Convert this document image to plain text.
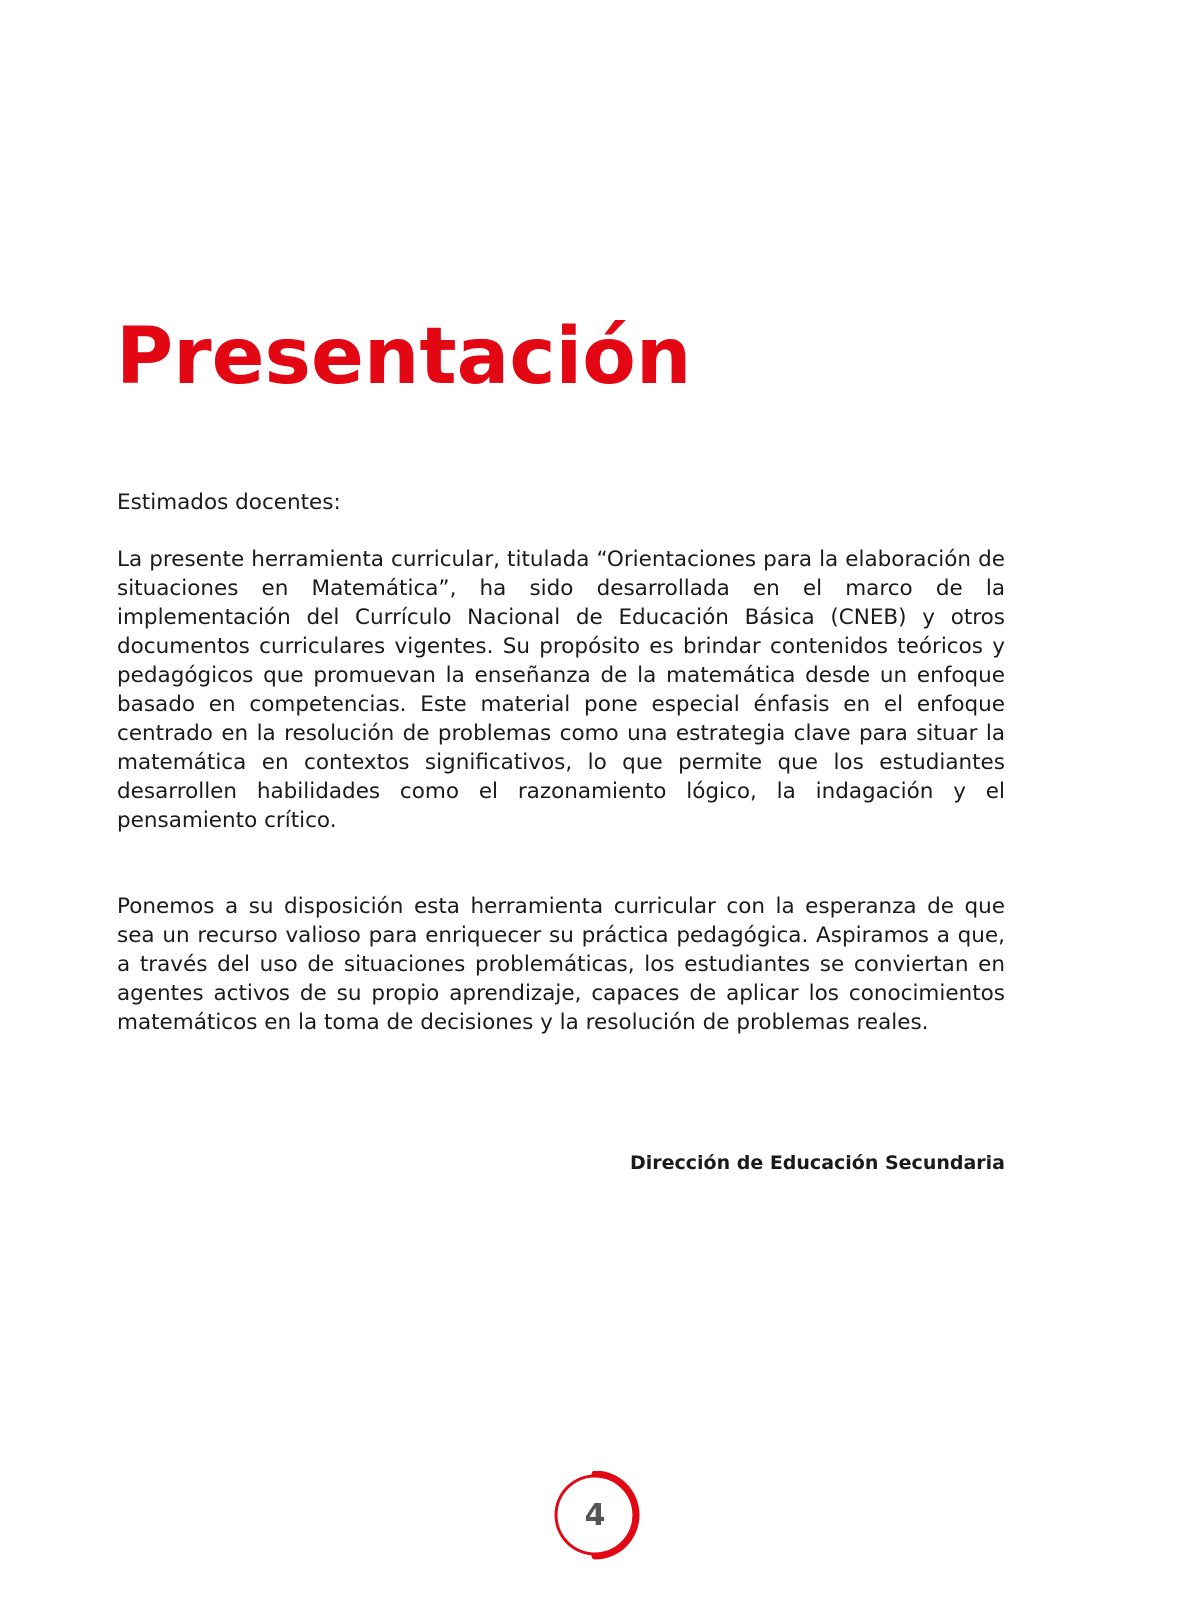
Presentación

Estimados docentes:

La presente herramienta curricular, titulada “Orientaciones para la elaboración de situaciones en Matemática”, ha sido desarrollada en el marco de la implementación del Currículo Nacional de Educación Básica (CNEB) y otros documentos curriculares vigentes. Su propósito es brindar contenidos teóricos y pedagógicos que promuevan la enseñanza de la matemática desde un enfoque basado en competencias. Este material pone especial énfasis en el enfoque centrado en la resolución de problemas como una estrategia clave para situar la matemática en contextos significativos, lo que permite que los estudiantes desarrollen habilidades como el razonamiento lógico, la indagación y el pensamiento crítico.

Ponemos a su disposición esta herramienta curricular con la esperanza de que sea un recurso valioso para enriquecer su práctica pedagógica. Aspiramos a que, a través del uso de situaciones problemáticas, los estudiantes se conviertan en agentes activos de su propio aprendizaje, capaces de aplicar los conocimientos matemáticos en la toma de decisiones y la resolución de problemas reales.

Dirección de Educación Secundaria

4
